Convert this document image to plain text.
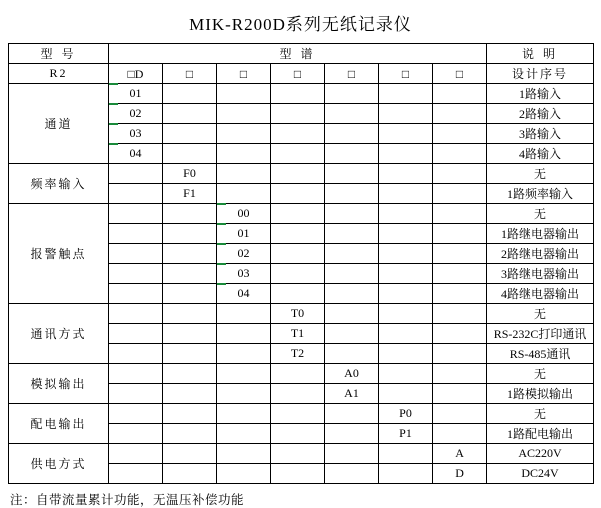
MIK-R200D系列无纸记录仪
型 号	型 谱							说 明
R2	□D	□	□	□	□	□	□	设计序号
通道	01							1路输入
	02							2路输入
	03							3路输入
	04							4路输入
频率输入		F0						无
		F1						1路频率输入
报警触点			00					无
			01					1路继电器输出
			02					2路继电器输出
			03					3路继电器输出
			04					4路继电器输出
通讯方式				T0				无
				T1				RS-232C打印通讯
				T2				RS-485通讯
模拟输出					A0			无
					A1			1路模拟输出
配电输出						P0		无
						P1		1路配电输出
供电方式							A	AC220V
							D	DC24V
注：自带流量累计功能，无温压补偿功能
